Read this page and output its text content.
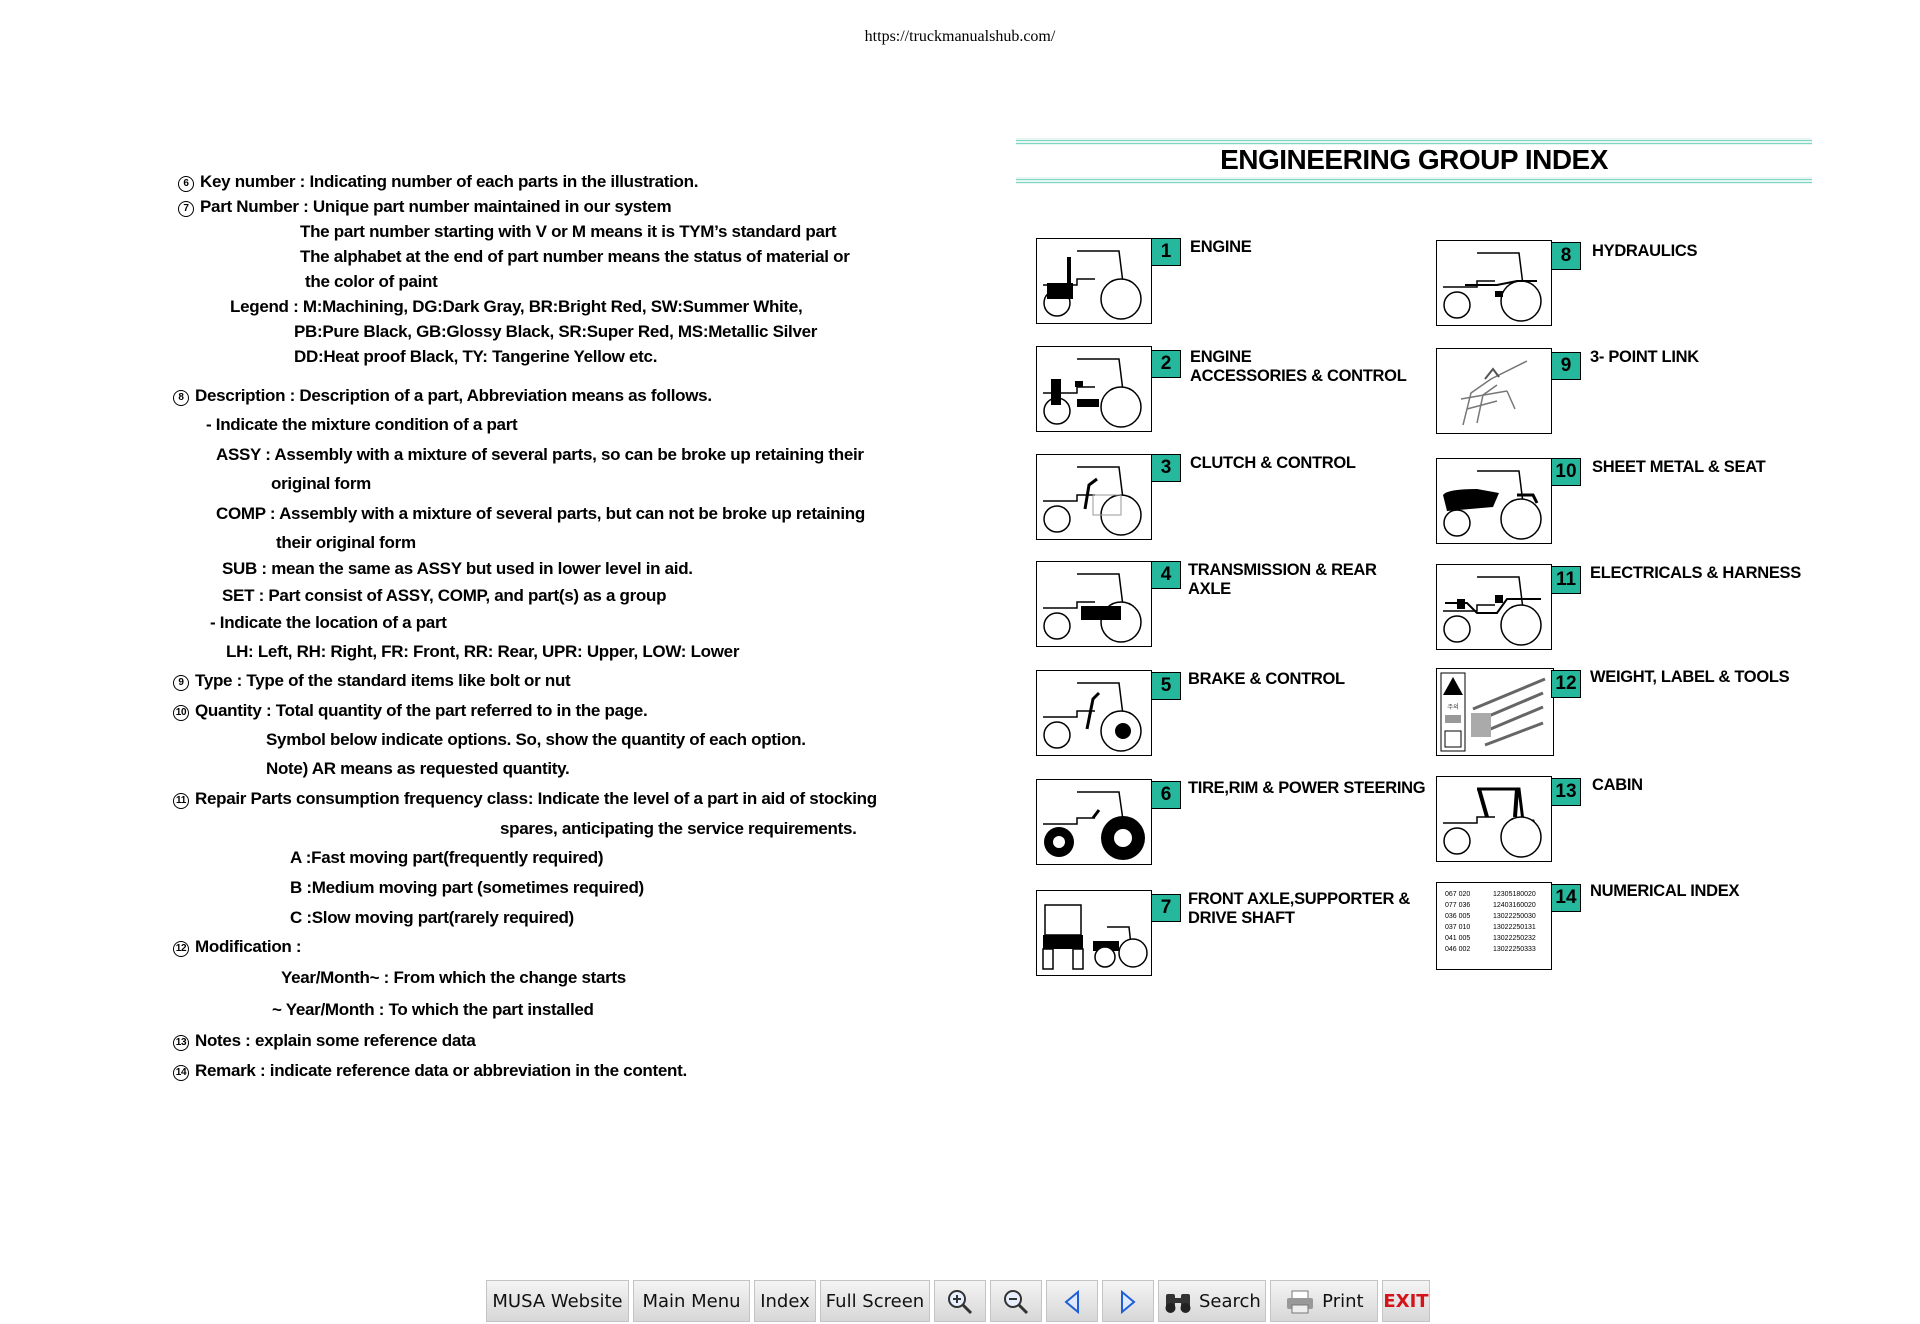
https://truckmanualshub.com/
6 Key number : Indicating number of each parts in the illustration.
7 Part Number : Unique part number maintained in our system
The part number starting with V or M means it is TYM’s standard part
The alphabet at the end of part number means the status of material or
the color of paint
Legend : M:Machining, DG:Dark Gray, BR:Bright Red, SW:Summer White,
PB:Pure Black, GB:Glossy Black, SR:Super Red, MS:Metallic Silver
DD:Heat proof Black, TY: Tangerine Yellow etc.
8 Description : Description of a part, Abbreviation means as follows.
- Indicate the mixture condition of a part
ASSY : Assembly with a mixture of several parts, so can be broke up retaining their
original form
COMP : Assembly with a mixture of several parts, but can not be broke up retaining
their original form
SUB : mean the same as ASSY but used in lower level in aid.
SET : Part consist of ASSY, COMP, and part(s) as a group
- Indicate the location of a part
LH: Left, RH: Right, FR: Front, RR: Rear, UPR: Upper, LOW: Lower
9 Type : Type of the standard items like bolt or nut
10 Quantity : Total quantity of the part referred to in the page.
Symbol below indicate options. So, show the quantity of each option.
Note) AR means as requested quantity.
11 Repair Parts consumption frequency class: Indicate the level of a part in aid of stocking
spares, anticipating the service requirements.
A :Fast moving part(frequently required)
B :Medium moving part (sometimes required)
C :Slow moving part(rarely required)
12 Modification :
Year/Month~ : From which the change starts
~ Year/Month : To which the part installed
13 Notes : explain some reference data
14 Remark : indicate reference data or abbreviation in the content.
ENGINEERING GROUP INDEX
1	ENGINE
2	ENGINE
ACCESSORIES & CONTROL
3	CLUTCH & CONTROL
4	TRANSMISSION & REAR
AXLE
5	BRAKE & CONTROL
6	TIRE,RIM & POWER STEERING
7	FRONT AXLE,SUPPORTER &
DRIVE SHAFT
8	HYDRAULICS
9	3- POINT LINK
10 SHEET METAL & SEAT
11 ELECTRICALS & HARNESS
주의
12 WEIGHT, LABEL & TOOLS
13 CABIN
067 020	12305180020
077 036	12403160020
036 005	13022250030
037 010	13022250131
041 005	13022250232
046 002	13022250333
14 NUMERICAL INDEX
MUSA Website	Main Menu	Index Full Screen	Search	Print	EXIT
